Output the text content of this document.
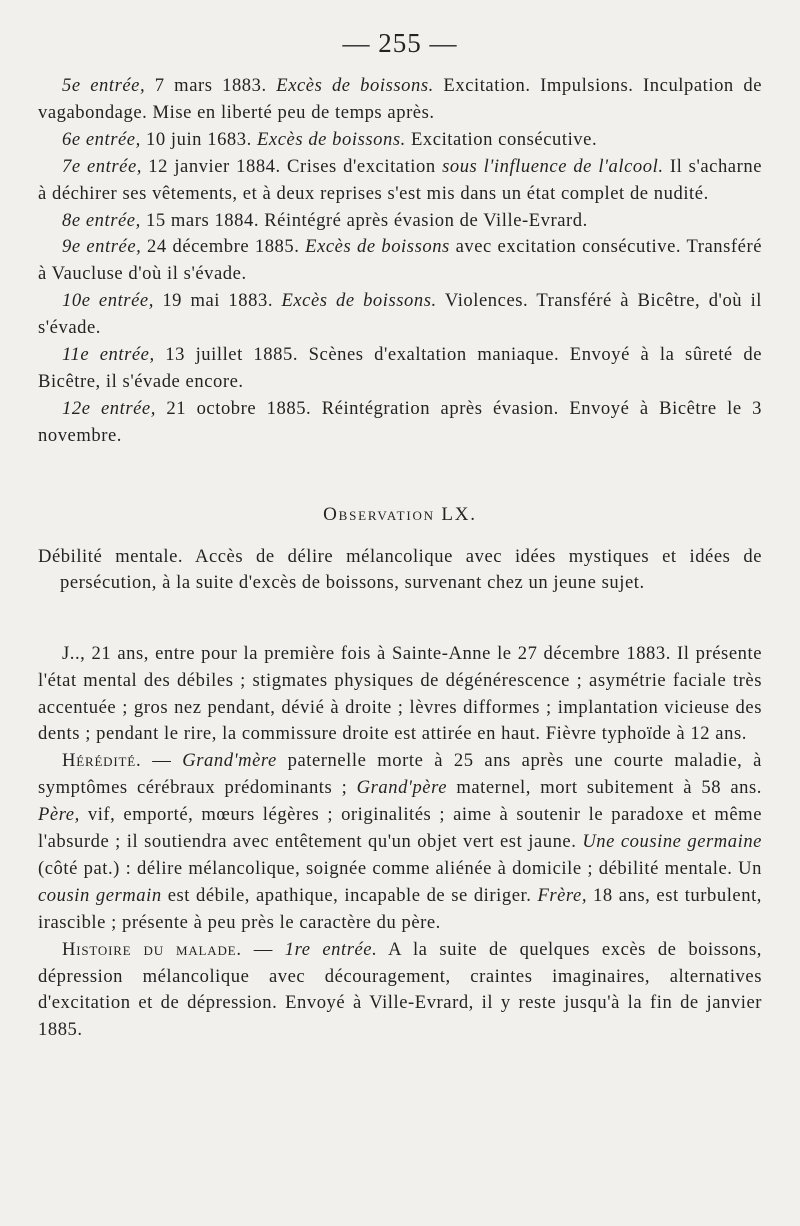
— 255 —

5e entrée, 7 mars 1883. Excès de boissons. Excitation. Impulsions. Inculpation de vagabondage. Mise en liberté peu de temps après.

6e entrée, 10 juin 1683. Excès de boissons. Excitation consécutive.

7e entrée, 12 janvier 1884. Crises d'excitation sous l'influence de l'alcool. Il s'acharne à déchirer ses vêtements, et à deux reprises s'est mis dans un état complet de nudité.

8e entrée, 15 mars 1884. Réintégré après évasion de Ville-Evrard.

9e entrée, 24 décembre 1885. Excès de boissons avec excitation consécutive. Transféré à Vaucluse d'où il s'évade.

10e entrée, 19 mai 1883. Excès de boissons. Violences. Transféré à Bicêtre, d'où il s'évade.

11e entrée, 13 juillet 1885. Scènes d'exaltation maniaque. Envoyé à la sûreté de Bicêtre, il s'évade encore.

12e entrée, 21 octobre 1885. Réintégration après évasion. Envoyé à Bicêtre le 3 novembre.

Observation LX.

Débilité mentale. Accès de délire mélancolique avec idées mystiques et idées de persécution, à la suite d'excès de boissons, survenant chez un jeune sujet.

J.., 21 ans, entre pour la première fois à Sainte-Anne le 27 décembre 1883. Il présente l'état mental des débiles ; stigmates physiques de dégénérescence ; asymétrie faciale très accentuée ; gros nez pendant, dévié à droite ; lèvres difformes ; implantation vicieuse des dents ; pendant le rire, la commissure droite est attirée en haut. Fièvre typhoïde à 12 ans.

Hérédité. — Grand'mère paternelle morte à 25 ans après une courte maladie, à symptômes cérébraux prédominants ; Grand'père maternel, mort subitement à 58 ans. Père, vif, emporté, mœurs légères ; originalités ; aime à soutenir le paradoxe et même l'absurde ; il soutiendra avec entêtement qu'un objet vert est jaune. Une cousine germaine (côté pat.) : délire mélancolique, soignée comme aliénée à domicile ; débilité mentale. Un cousin germain est débile, apathique, incapable de se diriger. Frère, 18 ans, est turbulent, irascible ; présente à peu près le caractère du père.

Histoire du malade. — 1re entrée. A la suite de quelques excès de boissons, dépression mélancolique avec découragement, craintes imaginaires, alternatives d'excitation et de dépression. Envoyé à Ville-Evrard, il y reste jusqu'à la fin de janvier 1885.
